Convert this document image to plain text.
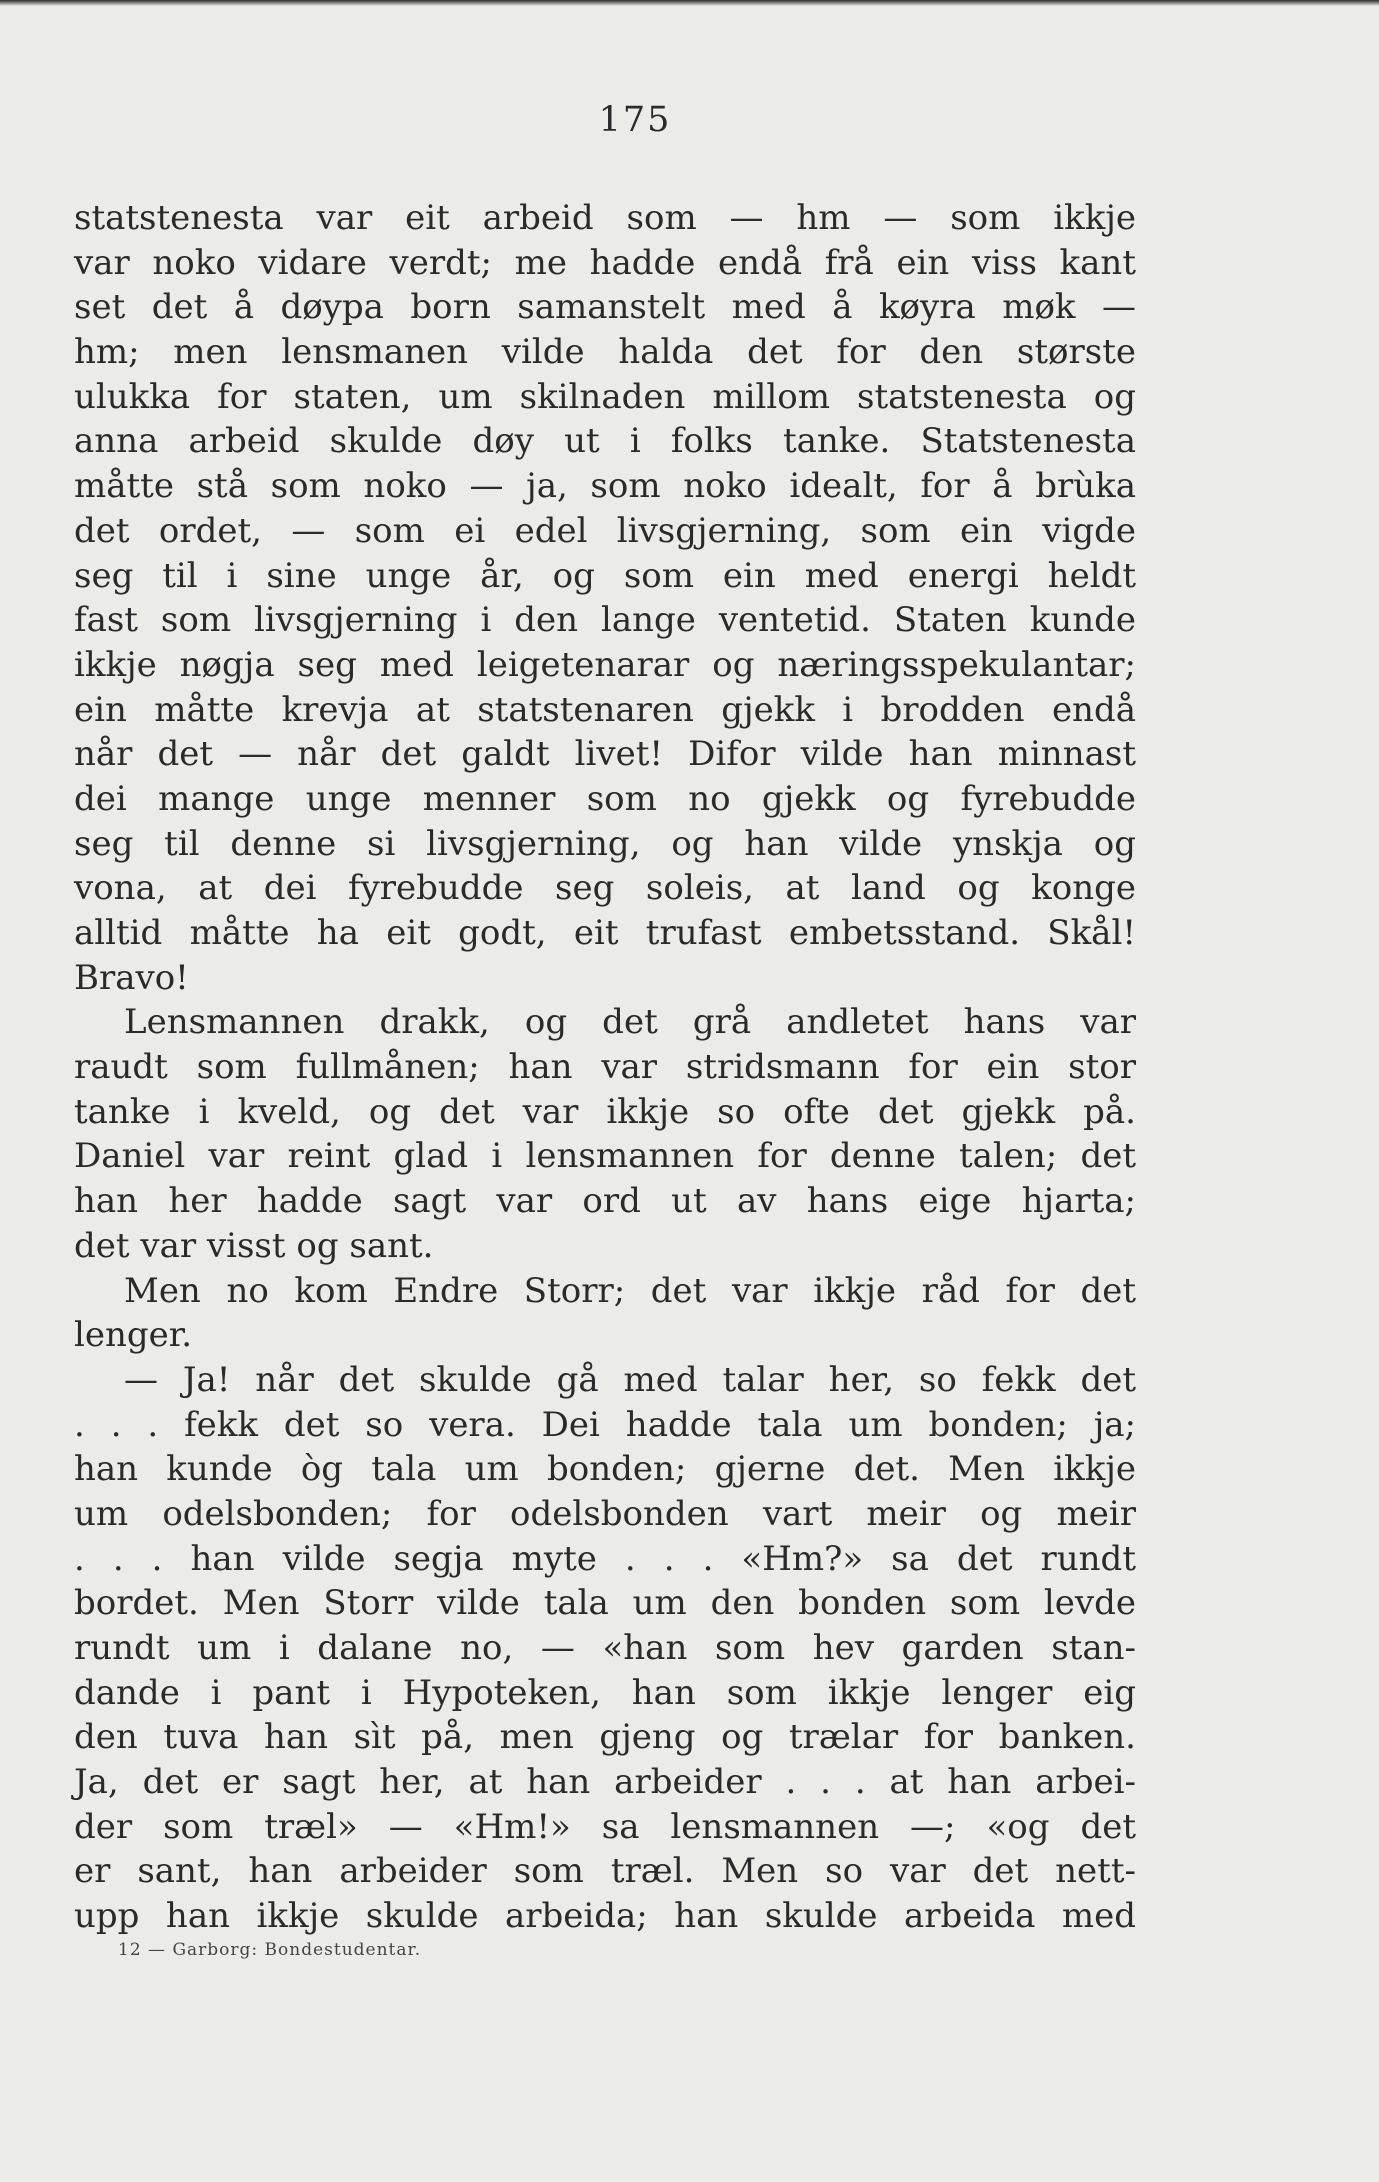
175
statstenesta var eit arbeid som — hm — som ikkje
var noko vidare verdt; me hadde endå frå ein viss kant
set det å døypa born samanstelt med å køyra møk —
hm; men lensmanen vilde halda det for den største
ulukka for staten, um skilnaden millom statstenesta og
anna arbeid skulde døy ut i folks tanke. Statstenesta
måtte stå som noko — ja, som noko idealt, for å brùka
det ordet, — som ei edel livsgjerning, som ein vigde
seg til i sine unge år, og som ein med energi heldt
fast som livsgjerning i den lange ventetid. Staten kunde
ikkje nøgja seg med leigetenarar og næringsspekulantar;
ein måtte krevja at statstenaren gjekk i brodden endå
når det — når det galdt livet! Difor vilde han minnast
dei mange unge menner som no gjekk og fyrebudde
seg til denne si livsgjerning, og han vilde ynskja og
vona, at dei fyrebudde seg soleis, at land og konge
alltid måtte ha eit godt, eit trufast embetsstand. Skål!
Bravo!
Lensmannen drakk, og det grå andletet hans var
raudt som fullmånen; han var stridsmann for ein stor
tanke i kveld, og det var ikkje so ofte det gjekk på.
Daniel var reint glad i lensmannen for denne talen; det
han her hadde sagt var ord ut av hans eige hjarta;
det var visst og sant.
Men no kom Endre Storr; det var ikkje råd for det
lenger.
— Ja! når det skulde gå med talar her, so fekk det
. . . fekk det so vera. Dei hadde tala um bonden; ja;
han kunde òg tala um bonden; gjerne det. Men ikkje
um odelsbonden; for odelsbonden vart meir og meir
. . . han vilde segja myte . . . «Hm?» sa det rundt
bordet. Men Storr vilde tala um den bonden som levde
rundt um i dalane no, — «han som hev garden stan-
dande i pant i Hypoteken, han som ikkje lenger eig
den tuva han sìt på, men gjeng og trælar for banken.
Ja, det er sagt her, at han arbeider . . . at han arbei-
der som træl» — «Hm!» sa lensmannen —; «og det
er sant, han arbeider som træl. Men so var det nett-
upp han ikkje skulde arbeida; han skulde arbeida med
12 — Garborg: Bondestudentar.
